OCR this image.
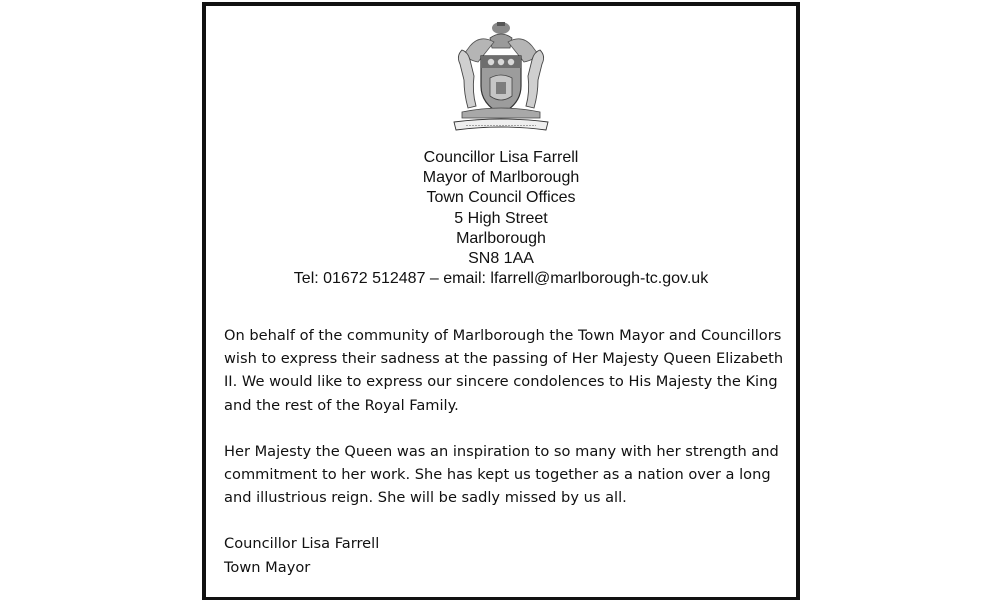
Councillor Lisa Farrell
Mayor of Marlborough
Town Council Offices
5 High Street
Marlborough
SN8 1AA
Tel: 01672 512487 – email: lfarrell@marlborough-tc.gov.uk

On behalf of the community of Marlborough the Town Mayor and Councillors wish to express their sadness at the passing of Her Majesty Queen Elizabeth II. We would like to express our sincere condolences to His Majesty the King and the rest of the Royal Family.

Her Majesty the Queen was an inspiration to so many with her strength and commitment to her work. She has kept us together as a nation over a long and illustrious reign. She will be sadly missed by us all.

Councillor Lisa Farrell
Town Mayor
